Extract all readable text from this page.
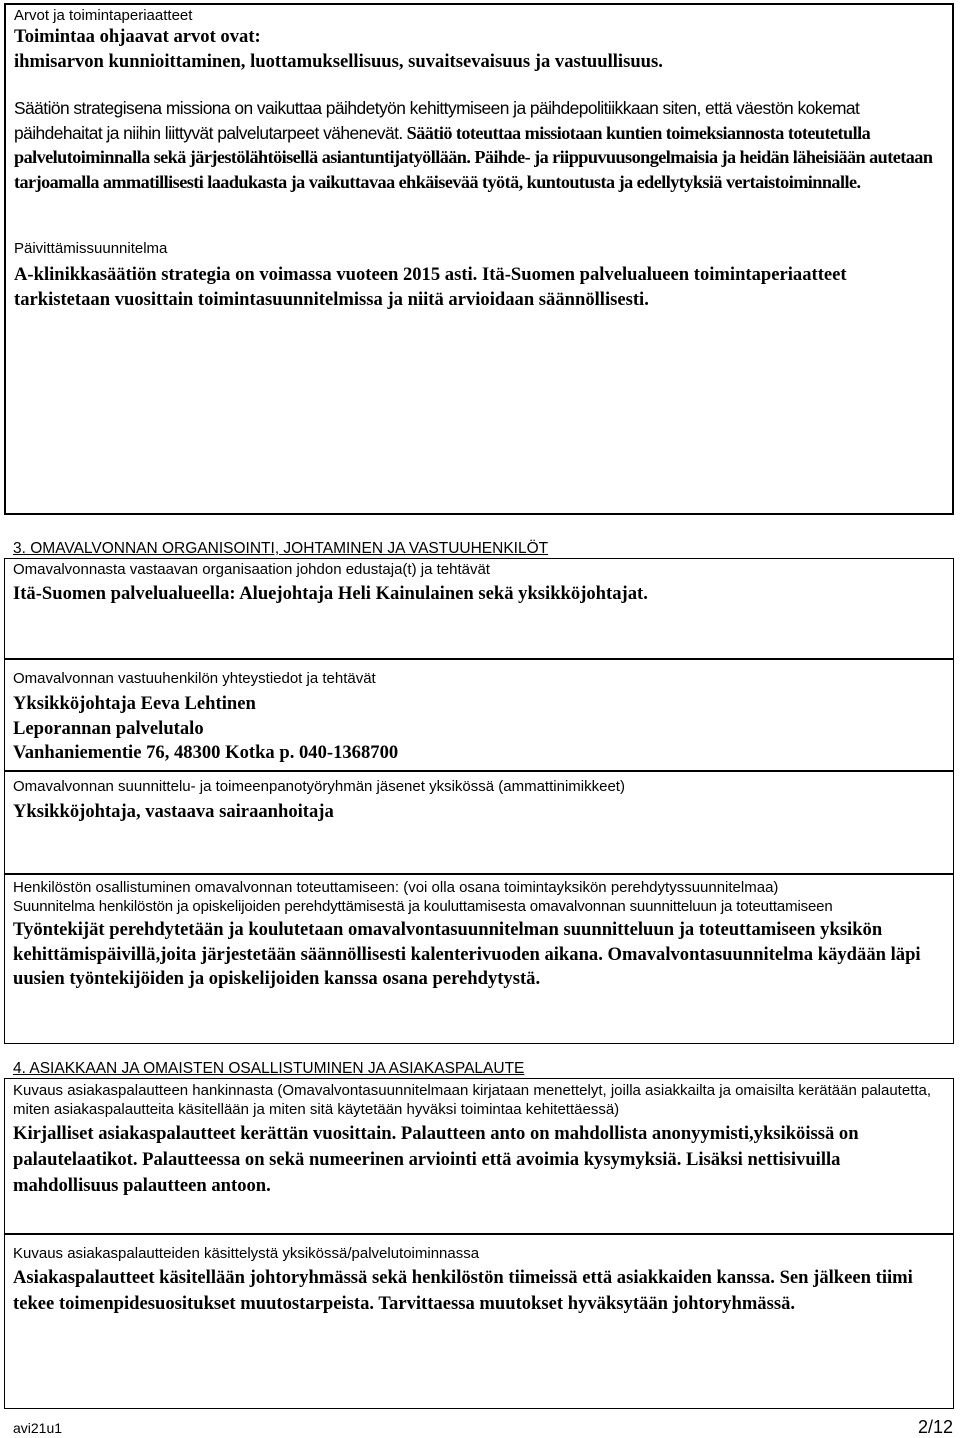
Arvot ja toimintaperiaatteet
Toimintaa ohjaavat arvot ovat:
ihmisarvon kunnioittaminen, luottamuksellisuus, suvaitsevaisuus ja vastuullisuus.
Säätiön strategisena missiona on vaikuttaa päihdetyön kehittymiseen ja päihdepolitiikkaan siten, että väestön kokemat päihdehaitat ja niihin liittyvät palvelutarpeet vähenevät. Säätiö toteuttaa missiotaan kuntien toimeksiannosta toteutetulla palvelutoiminnalla sekä järjestölähtöisellä asiantuntijatyöllään. Päihde- ja riippuvuusongelmaisia ja heidän läheisiään autetaan tarjoamalla ammatillisesti laadukasta ja vaikuttavaa ehkäisevää työtä, kuntoutusta ja edellytyksiä vertaistoiminnalle.
Päivittämissuunnitelma
A-klinikkasäätiön strategia on voimassa vuoteen 2015 asti. Itä-Suomen palvelualueen toimintaperiaatteet tarkistetaan vuosittain toimintasuunnitelmissa ja niitä arvioidaan säännöllisesti.
3. OMAVALVONNAN ORGANISOINTI, JOHTAMINEN JA VASTUUHENKILÖT
Omavalvonnasta vastaavan organisaation johdon edustaja(t) ja tehtävät
Itä-Suomen palvelualueella: Aluejohtaja Heli Kainulainen sekä yksikköjohtajat.
Omavalvonnan vastuuhenkilön yhteystiedot ja tehtävät
Yksikköjohtaja Eeva Lehtinen
Leporannan palvelutalo
Vanhaniementie 76, 48300 Kotka p. 040-1368700
Omavalvonnan suunnittelu- ja toimeenpanotyöryhmän jäsenet yksikössä (ammattinimikkeet)
Yksikköjohtaja, vastaava sairaanhoitaja
Henkilöstön osallistuminen omavalvonnan toteuttamiseen: (voi olla osana toimintayksikön perehdytyssuunnitelmaa)
Suunnitelma henkilöstön ja opiskelijoiden perehdyttämisestä ja kouluttamisesta omavalvonnan suunnitteluun ja toteuttamiseen
Työntekijät perehdytetään ja koulutetaan omavalvontasuunnitelman suunnitteluun ja toteuttamiseen yksikön kehittämispäivillä,joita järjestetään säännöllisesti kalenterivuoden aikana. Omavalvontasuunnitelma käydään läpi uusien työntekijöiden ja opiskelijoiden kanssa osana perehdytystä.
4. ASIAKKAAN JA OMAISTEN OSALLISTUMINEN JA ASIAKASPALAUTE
Kuvaus asiakaspalautteen hankinnasta (Omavalvontasuunnitelmaan kirjataan menettelyt, joilla asiakkailta ja omaisilta kerätään palautetta, miten asiakaspalautteita käsitellään ja miten sitä käytetään hyväksi toimintaa kehitettäessä)
Kirjalliset asiakaspalautteet kerättän vuosittain. Palautteen anto on mahdollista anonyymisti,yksiköissä on palautelaatikot. Palautteessa on sekä numeerinen arviointi että avoimia kysymyksiä. Lisäksi nettisivuilla mahdollisuus palautteen antoon.
Kuvaus asiakaspalautteiden käsittelystä yksikössä/palvelutoiminnassa
Asiakaspalautteet käsitellään johtoryhmässä sekä henkilöstön tiimeissä että asiakkaiden kanssa. Sen jälkeen tiimi tekee toimenpidesuositukset muutostarpeista. Tarvittaessa muutokset hyväksytään johtoryhmässä.
avi21u1	2/12
